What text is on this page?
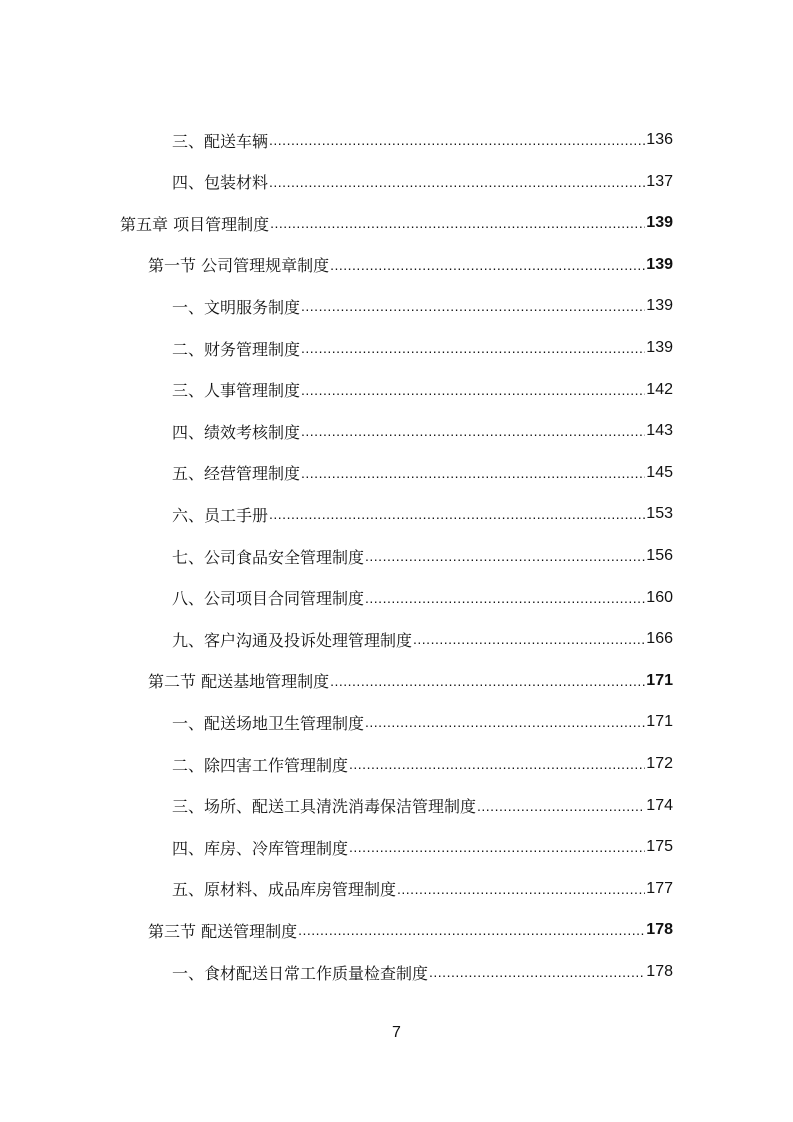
三、配送车辆 .....	136
四、包装材料 .....	137
第五章 项目管理制度 .....	139
第一节 公司管理规章制度 .....	139
一、文明服务制度 .....	139
二、财务管理制度 .....	139
三、人事管理制度 .....	142
四、绩效考核制度 .....	143
五、经营管理制度 .....	145
六、员工手册 .....	153
七、公司食品安全管理制度 .....	156
八、公司项目合同管理制度 .....	160
九、客户沟通及投诉处理管理制度 .....	166
第二节 配送基地管理制度 .....	171
一、配送场地卫生管理制度 .....	171
二、除四害工作管理制度 .....	172
三、场所、配送工具清洗消毒保洁管理制度 .....	174
四、库房、冷库管理制度 .....	175
五、原材料、成品库房管理制度 .....	177
第三节 配送管理制度 .....	178
一、食材配送日常工作质量检查制度 .....	178
7
